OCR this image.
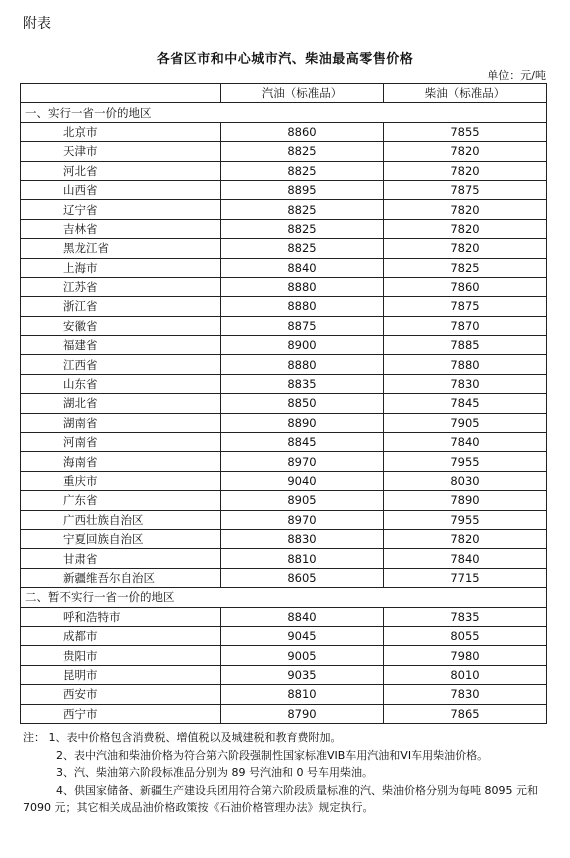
附表
各省区市和中心城市汽、柴油最高零售价格
单位：元/吨
	汽油（标准品）	柴油（标准品）
一、实行一省一价的地区		
北京市	8860	7855
天津市	8825	7820
河北省	8825	7820
山西省	8895	7875
辽宁省	8825	7820
吉林省	8825	7820
黑龙江省	8825	7820
上海市	8840	7825
江苏省	8880	7860
浙江省	8880	7875
安徽省	8875	7870
福建省	8900	7885
江西省	8880	7880
山东省	8835	7830
湖北省	8850	7845
湖南省	8890	7905
河南省	8845	7840
海南省	8970	7955
重庆市	9040	8030
广东省	8905	7890
广西壮族自治区	8970	7955
宁夏回族自治区	8830	7820
甘肃省	8810	7840
新疆维吾尔自治区	8605	7715
二、暂不实行一省一价的地区		
呼和浩特市	8840	7835
成都市	9045	8055
贵阳市	9005	7980
昆明市	9035	8010
西安市	8810	7830
西宁市	8790	7865

注： 1、表中价格包含消费税、增值税以及城建税和教育费附加。

2、表中汽油和柴油价格为符合第六阶段强制性国家标准VIB车用汽油和VI车用柴油价格。

3、汽、柴油第六阶段标准品分别为 89 号汽油和 0 号车用柴油。

4、供国家储备、新疆生产建设兵团用符合第六阶段质量标准的汽、柴油价格分别为每吨 8095 元和 7090 元；其它相关成品油价格政策按《石油价格管理办法》规定执行。
